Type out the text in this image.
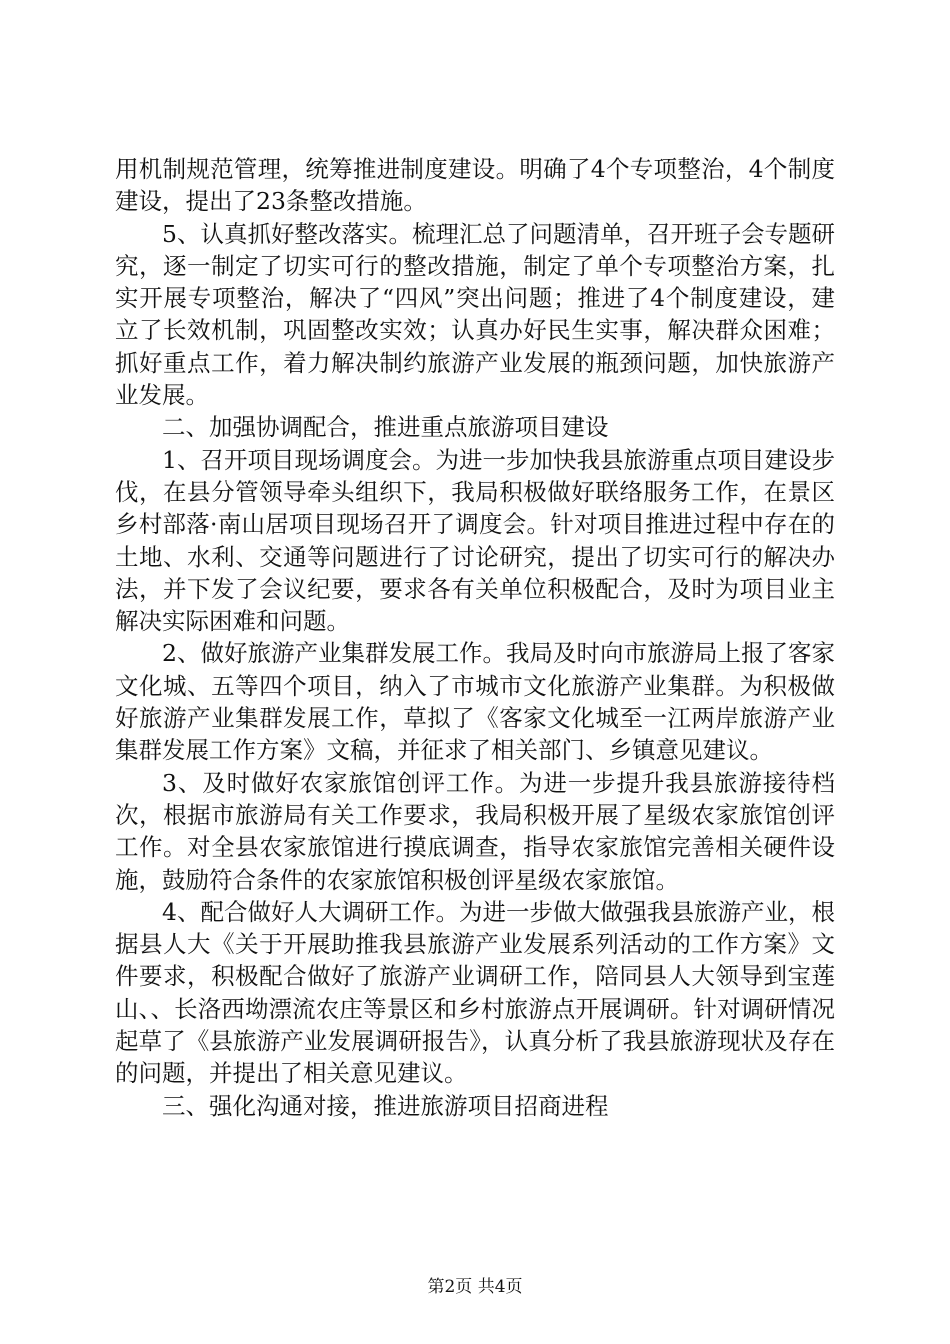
用机制规范管理，统筹推进制度建设。明确了4个专项整治，4个制度建设，提出了23条整改措施。

5、认真抓好整改落实。梳理汇总了问题清单，召开班子会专题研究，逐一制定了切实可行的整改措施，制定了单个专项整治方案，扎实开展专项整治，解决了“四风”突出问题；推进了4个制度建设，建立了长效机制，巩固整改实效；认真办好民生实事，解决群众困难；抓好重点工作，着力解决制约旅游产业发展的瓶颈问题，加快旅游产业发展。

二、加强协调配合，推进重点旅游项目建设

1、召开项目现场调度会。为进一步加快我县旅游重点项目建设步伐，在县分管领导牵头组织下，我局积极做好联络服务工作，在景区乡村部落·南山居项目现场召开了调度会。针对项目推进过程中存在的土地、水利、交通等问题进行了讨论研究，提出了切实可行的解决办法，并下发了会议纪要，要求各有关单位积极配合，及时为项目业主解决实际困难和问题。

2、做好旅游产业集群发展工作。我局及时向市旅游局上报了客家文化城、五等四个项目，纳入了市城市文化旅游产业集群。为积极做好旅游产业集群发展工作，草拟了《客家文化城至一江两岸旅游产业集群发展工作方案》文稿，并征求了相关部门、乡镇意见建议。

3、及时做好农家旅馆创评工作。为进一步提升我县旅游接待档次，根据市旅游局有关工作要求，我局积极开展了星级农家旅馆创评工作。对全县农家旅馆进行摸底调查，指导农家旅馆完善相关硬件设施，鼓励符合条件的农家旅馆积极创评星级农家旅馆。

4、配合做好人大调研工作。为进一步做大做强我县旅游产业，根据县人大《关于开展助推我县旅游产业发展系列活动的工作方案》文件要求，积极配合做好了旅游产业调研工作，陪同县人大领导到宝莲山、、长洛西坳漂流农庄等景区和乡村旅游点开展调研。针对调研情况起草了《县旅游产业发展调研报告》，认真分析了我县旅游现状及存在的问题，并提出了相关意见建议。

三、强化沟通对接，推进旅游项目招商进程

第2页 共4页
